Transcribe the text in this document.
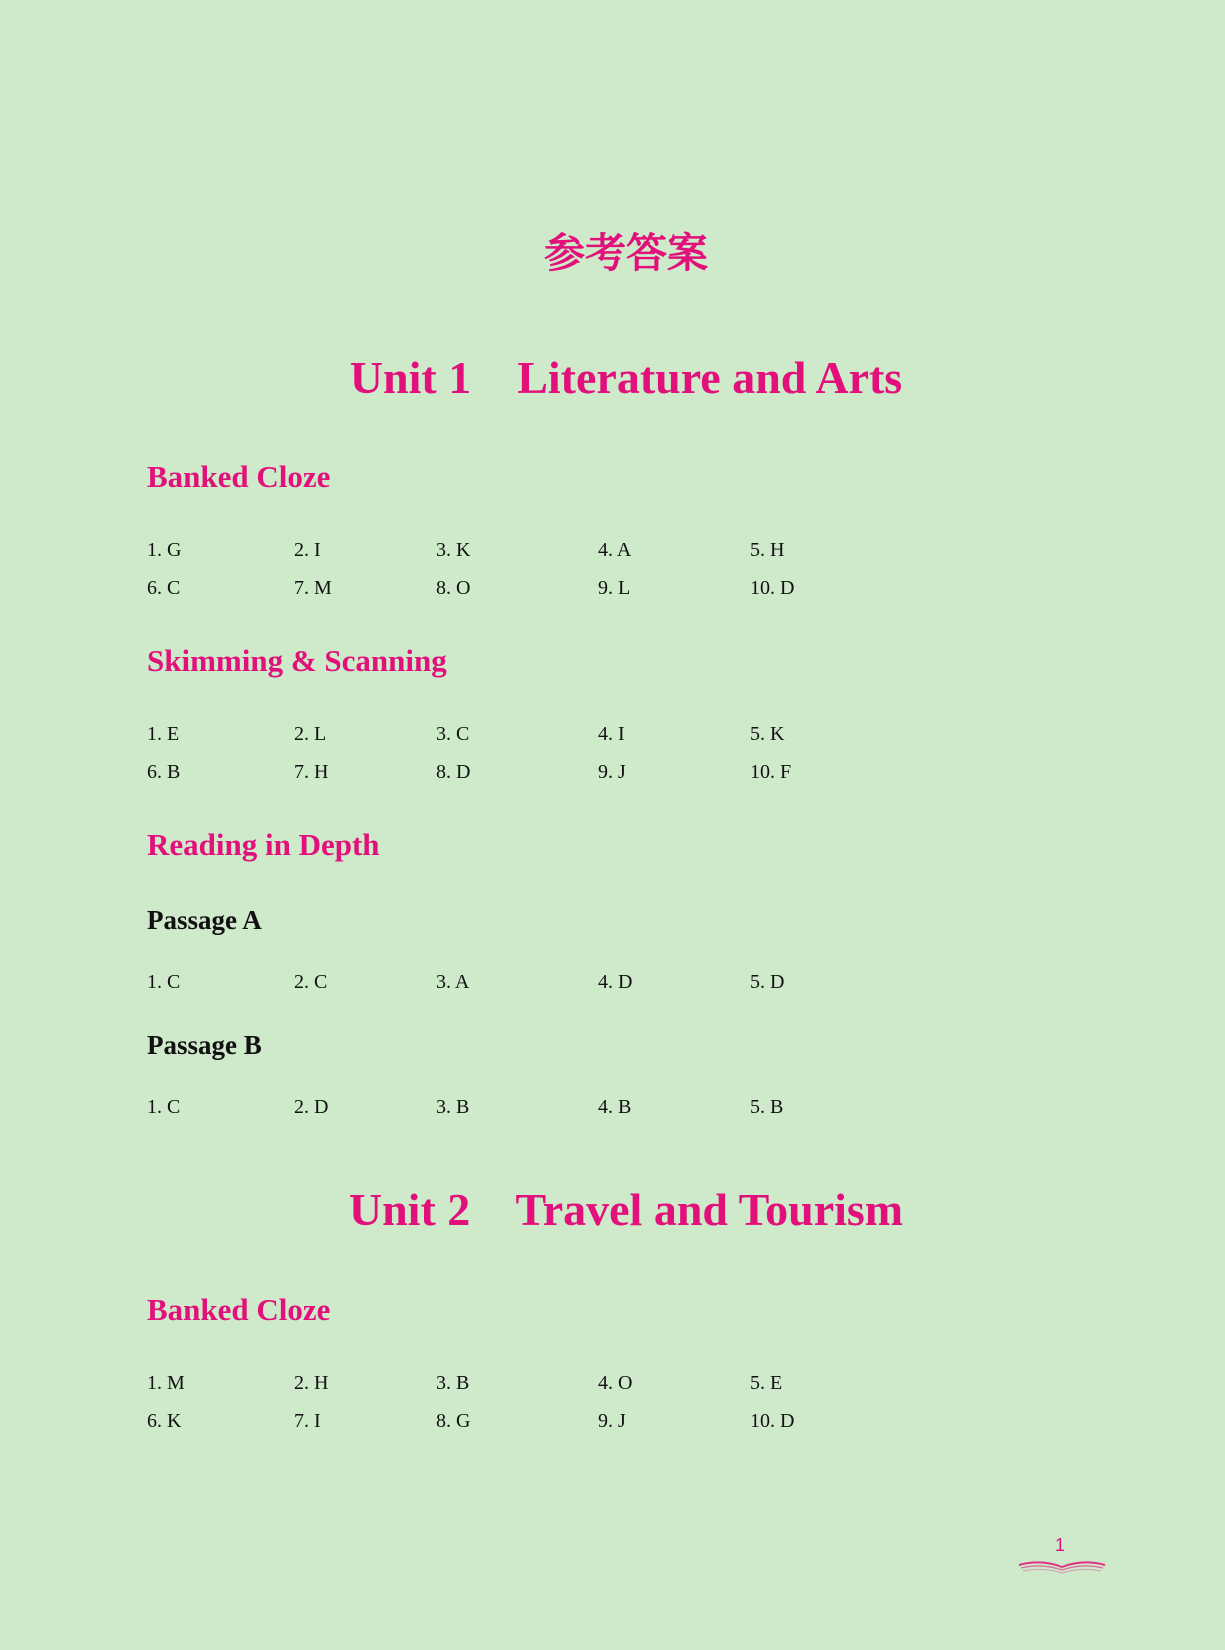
参考答案
Unit 1    Literature and Arts
Banked Cloze
1. G	2. I	3. K	4. A	5. H
6. C	7. M	8. O	9. L	10. D
Skimming & Scanning
1. E	2. L	3. C	4. I	5. K
6. B	7. H	8. D	9. J	10. F
Reading in Depth
Passage A
1. C	2. C	3. A	4. D	5. D
Passage B
1. C	2. D	3. B	4. B	5. B
Unit 2    Travel and Tourism
Banked Cloze
1. M	2. H	3. B	4. O	5. E
6. K	7. I	8. G	9. J	10. D
1
